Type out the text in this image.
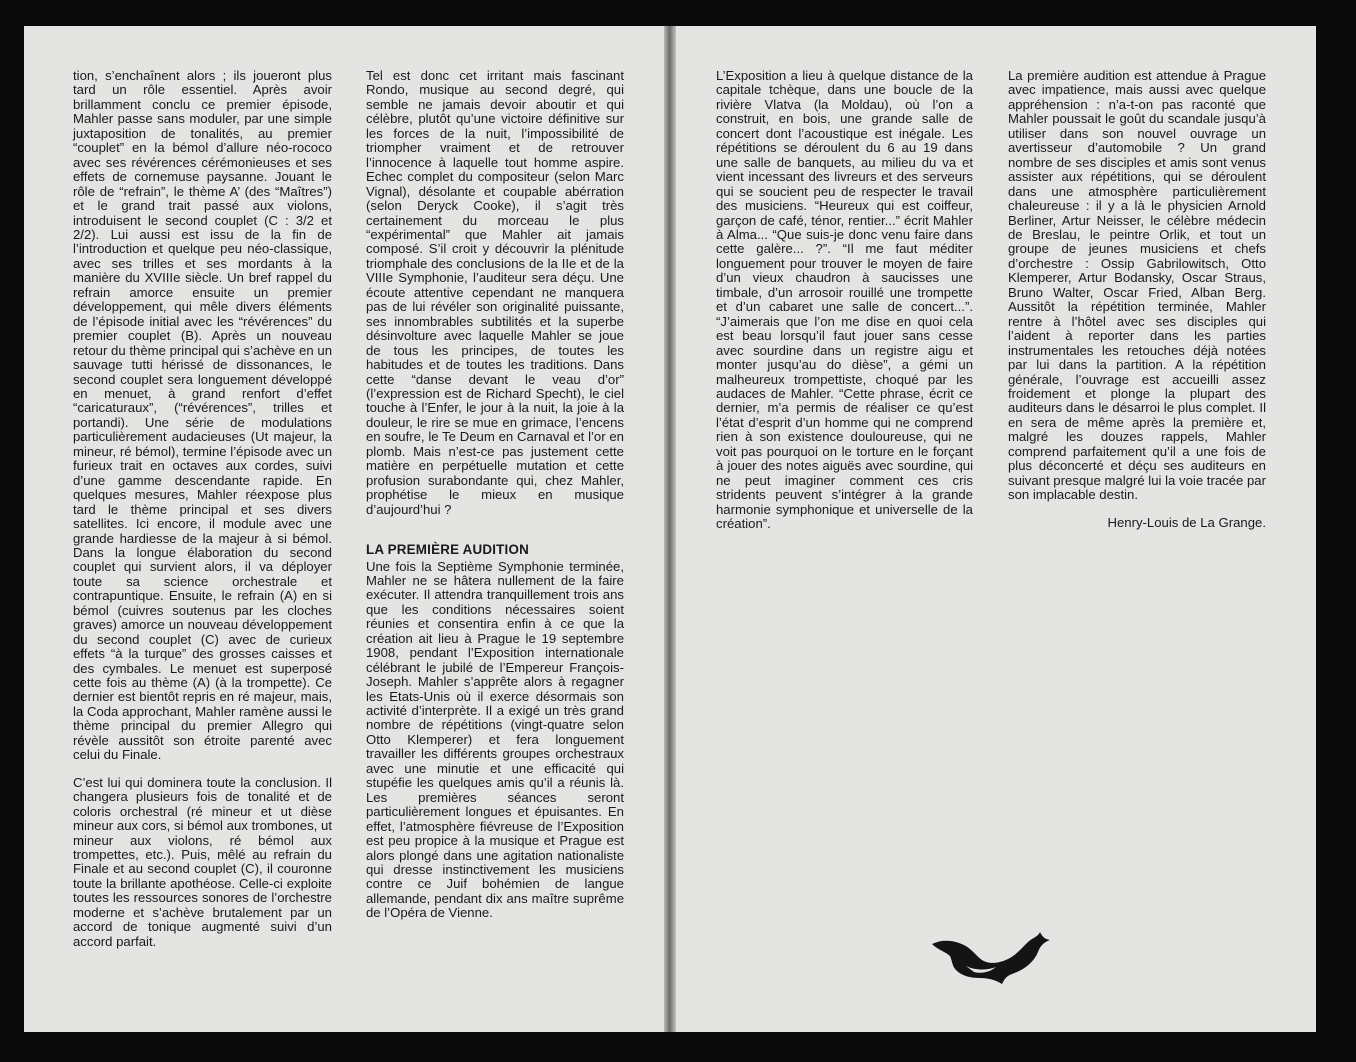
tion, s’enchaînent alors ; ils joueront plus tard un rôle essentiel. Après avoir brillamment conclu ce premier épisode, Mahler passe sans moduler, par une simple juxtaposition de tonalités, au premier “couplet” en la bémol d’allure néo-rococo avec ses révérences cérémonieuses et ses effets de cornemuse paysanne. Jouant le rôle de “refrain”, le thème A’ (des “Maîtres”) et le grand trait passé aux violons, introduisent le second couplet (C : 3/2 et 2/2). Lui aussi est issu de la fin de l’introduction et quelque peu néo-classique, avec ses trilles et ses mordants à la manière du XVIIIe siècle. Un bref rappel du refrain amorce ensuite un premier développement, qui mêle divers éléments de l’épisode initial avec les “révérences” du premier couplet (B). Après un nouveau retour du thème principal qui s’achève en un sauvage tutti hérissé de dissonances, le second couplet sera longuement développé en menuet, à grand renfort d’effet “caricaturaux”, (“révérences”, trilles et portandi). Une série de modulations particulièrement audacieuses (Ut majeur, la mineur, ré bémol), termine l’épisode avec un furieux trait en octaves aux cordes, suivi d’une gamme descendante rapide. En quelques mesures, Mahler réexpose plus tard le thème principal et ses divers satellites. Ici encore, il module avec une grande hardiesse de la majeur à si bémol. Dans la longue élaboration du second couplet qui survient alors, il va déployer toute sa science orchestrale et contrapuntique. Ensuite, le refrain (A) en si bémol (cuivres soutenus par les cloches graves) amorce un nouveau développement du second couplet (C) avec de curieux effets “à la turque” des grosses caisses et des cymbales. Le menuet est superposé cette fois au thème (A) (à la trompette). Ce dernier est bientôt repris en ré majeur, mais, la Coda approchant, Mahler ramène aussi le thème principal du premier Allegro qui révèle aussitôt son étroite parenté avec celui du Finale.

C’est lui qui dominera toute la conclusion. Il changera plusieurs fois de tonalité et de coloris orchestral (ré mineur et ut dièse mineur aux cors, si bémol aux trombones, ut mineur aux violons, ré bémol aux trompettes, etc.). Puis, mêlé au refrain du Finale et au second couplet (C), il couronne toute la brillante apothéose. Celle-ci exploite toutes les ressources sonores de l’orchestre moderne et s’achève brutalement par un accord de tonique augmenté suivi d’un accord parfait.

Tel est donc cet irritant mais fascinant Rondo, musique au second degré, qui semble ne jamais devoir aboutir et qui célèbre, plutôt qu’une victoire définitive sur les forces de la nuit, l’impossibilité de triompher vraiment et de retrouver l’innocence à laquelle tout homme aspire. Echec complet du compositeur (selon Marc Vignal), désolante et coupable abérration (selon Deryck Cooke), il s’agit très certainement du morceau le plus “expérimental” que Mahler ait jamais composé. S’il croit y découvrir la plénitude triomphale des conclusions de la IIe et de la VIIIe Symphonie, l’auditeur sera déçu. Une écoute attentive cependant ne manquera pas de lui révéler son originalité puissante, ses innombrables subtilités et la superbe désinvolture avec laquelle Mahler se joue de tous les principes, de toutes les habitudes et de toutes les traditions. Dans cette “danse devant le veau d’or” (l’expression est de Richard Specht), le ciel touche à l’Enfer, le jour à la nuit, la joie à la douleur, le rire se mue en grimace, l’encens en soufre, le Te Deum en Carnaval et l’or en plomb. Mais n’est-ce pas justement cette matière en perpétuelle mutation et cette profusion surabondante qui, chez Mahler, prophétise le mieux en musique d’aujourd’hui ?

LA PREMIÈRE AUDITION

Une fois la Septième Symphonie terminée, Mahler ne se hâtera nullement de la faire exécuter. Il attendra tranquillement trois ans que les conditions nécessaires soient réunies et consentira enfin à ce que la création ait lieu à Prague le 19 septembre 1908, pendant l’Exposition internationale célébrant le jubilé de l’Empereur François-Joseph. Mahler s’apprête alors à regagner les Etats-Unis où il exerce désormais son activité d’interprète. Il a exigé un très grand nombre de répétitions (vingt-quatre selon Otto Klemperer) et fera longuement travailler les différents groupes orchestraux avec une minutie et une efficacité qui stupéfie les quelques amis qu’il a réunis là. Les premières séances seront particulièrement longues et épuisantes. En effet, l’atmosphère fiévreuse de l’Exposition est peu propice à la musique et Prague est alors plongé dans une agitation nationaliste qui dresse instinctivement les musiciens contre ce Juif bohémien de langue allemande, pendant dix ans maître suprême de l’Opéra de Vienne.

L’Exposition a lieu à quelque distance de la capitale tchèque, dans une boucle de la rivière Vlatva (la Moldau), où l’on a construit, en bois, une grande salle de concert dont l’acoustique est inégale. Les répétitions se déroulent du 6 au 19 dans une salle de banquets, au milieu du va et vient incessant des livreurs et des serveurs qui se soucient peu de respecter le travail des musiciens. “Heureux qui est coiffeur, garçon de café, ténor, rentier...” écrit Mahler à Alma... “Que suis-je donc venu faire dans cette galère... ?”. “Il me faut méditer longuement pour trouver le moyen de faire d’un vieux chaudron à saucisses une timbale, d’un arrosoir rouillé une trompette et d’un cabaret une salle de concert...”. “J’aimerais que l’on me dise en quoi cela est beau lorsqu’il faut jouer sans cesse avec sourdine dans un registre aigu et monter jusqu’au do dièse”, a gémi un malheureux trompettiste, choqué par les audaces de Mahler. “Cette phrase, écrit ce dernier, m’a permis de réaliser ce qu’est l’état d’esprit d’un homme qui ne comprend rien à son existence douloureuse, qui ne voit pas pourquoi on le torture en le forçant à jouer des notes aiguës avec sourdine, qui ne peut imaginer comment ces cris stridents peuvent s’intégrer à la grande harmonie symphonique et universelle de la création”.

La première audition est attendue à Prague avec impatience, mais aussi avec quelque appréhension : n’a-t-on pas raconté que Mahler poussait le goût du scandale jusqu’à utiliser dans son nouvel ouvrage un avertisseur d’automobile ? Un grand nombre de ses disciples et amis sont venus assister aux répétitions, qui se déroulent dans une atmosphère particulièrement chaleureuse : il y a là le physicien Arnold Berliner, Artur Neisser, le célèbre médecin de Breslau, le peintre Orlik, et tout un groupe de jeunes musiciens et chefs d’orchestre : Ossip Gabrilowitsch, Otto Klemperer, Artur Bodansky, Oscar Straus, Bruno Walter, Oscar Fried, Alban Berg. Aussitôt la répétition terminée, Mahler rentre à l’hôtel avec ses disciples qui l’aident à reporter dans les parties instrumentales les retouches déjà notées par lui dans la partition. A la répétition générale, l’ouvrage est accueilli assez froidement et plonge la plupart des auditeurs dans le désarroi le plus complet. Il en sera de même après la première et, malgré les douzes rappels, Mahler comprend parfaitement qu’il a une fois de plus déconcerté et déçu ses auditeurs en suivant presque malgré lui la voie tracée par son implacable destin.

Henry-Louis de La Grange.
